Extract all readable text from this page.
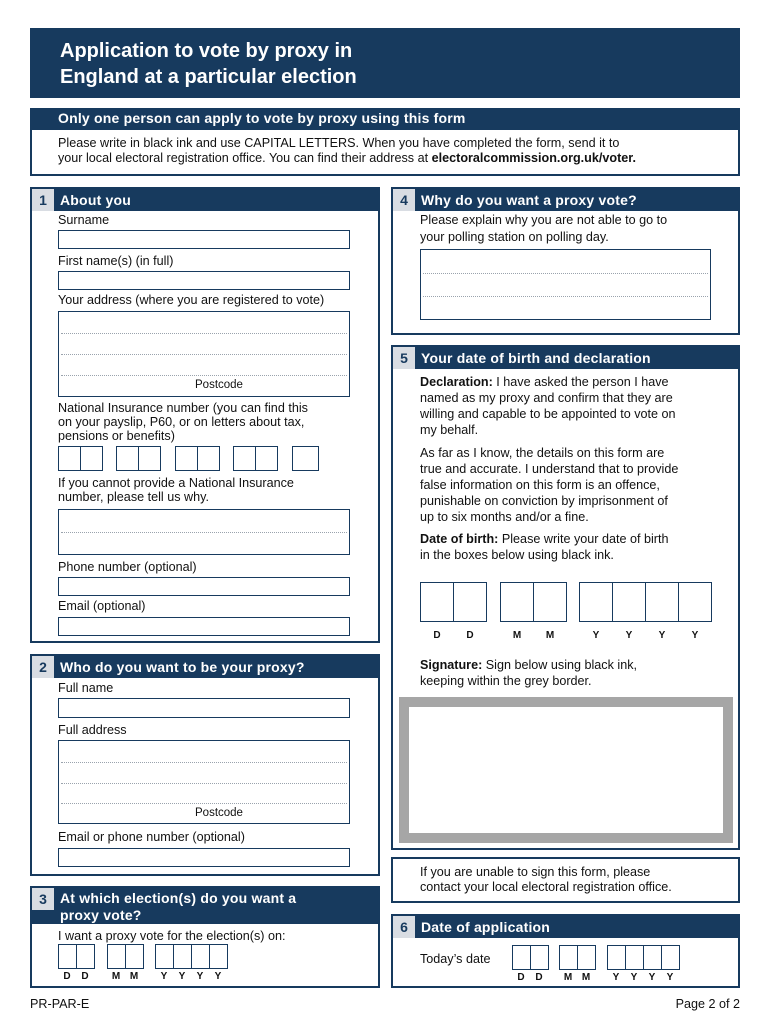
Application to vote by proxy in
England at a particular election
Only one person can apply to vote by proxy using this form
Please write in black ink and use CAPITAL LETTERS. When you have completed the form, send it to
your local electoral registration office. You can find their address at electoralcommission.org.uk/voter.
1 About you
Surname
First name(s) (in full)
Your address (where you are registered to vote)
Postcode
National Insurance number (you can find this
on your payslip, P60, or on letters about tax,
pensions or benefits)
If you cannot provide a National Insurance
number, please tell us why.
Phone number (optional)
Email (optional)
2 Who do you want to be your proxy?
Full name
Full address
Postcode
Email or phone number (optional)
3 At which election(s) do you want a
proxy vote?
I want a proxy vote for the election(s) on:
D D M M Y Y Y Y
4 Why do you want a proxy vote?
Please explain why you are not able to go to
your polling station on polling day.
5 Your date of birth and declaration
Declaration: I have asked the person I have
named as my proxy and confirm that they are
willing and capable to be appointed to vote on
my behalf.
As far as I know, the details on this form are
true and accurate. I understand that to provide
false information on this form is an offence,
punishable on conviction by imprisonment of
up to six months and/or a fine.
Date of birth: Please write your date of birth
in the boxes below using black ink.
D	D	M M	Y	Y	Y	Y
Signature: Sign below using black ink,
keeping within the grey border.
If you are unable to sign this form, please
contact your local electoral registration office.
6 Date of application
Today’s date
D D M M Y Y Y Y
PR-PAR-E	Page 2 of 2
